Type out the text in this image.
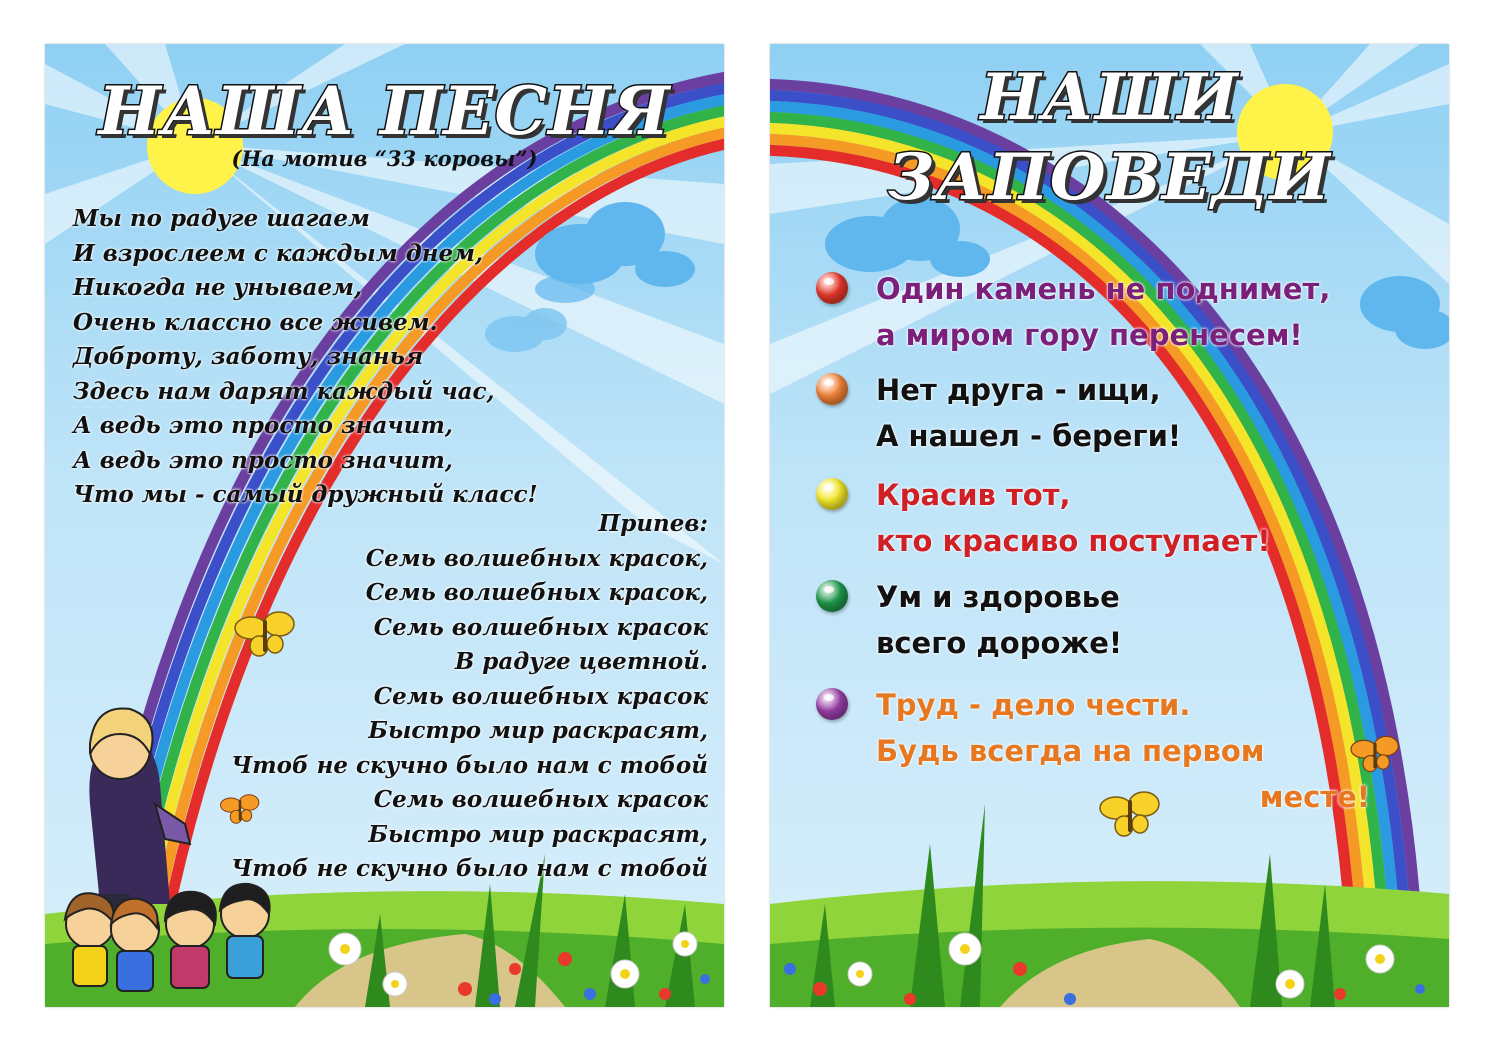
НАША ПЕСНЯ
(На мотив “33 коровы”)
Мы по радуге шагаем
И взрослеем с каждым днем,
Никогда не унываем,
Очень классно все живем.
Доброту, заботу, знанья
Здесь нам дарят каждый час,
А ведь это просто значит,
А ведь это просто значит,
Что мы - самый дружный класс!
Припев:
Семь волшебных красок,
Семь волшебных красок,
Семь волшебных красок
В радуге цветной.
Семь волшебных красок
Быстро мир раскрасят,
Чтоб не скучно было нам с тобой
Семь волшебных красок
Быстро мир раскрасят,
Чтоб не скучно было нам с тобой
НАШИ
ЗАПОВЕДИ
Один камень не поднимет,
а миром гору перенесем!
Нет друга - ищи,
А нашел - береги!
Красив тот,
кто красиво поступает!
Ум и здоровье
всего дороже!
Труд - дело чести.
Будь всегда на первом
месте!
